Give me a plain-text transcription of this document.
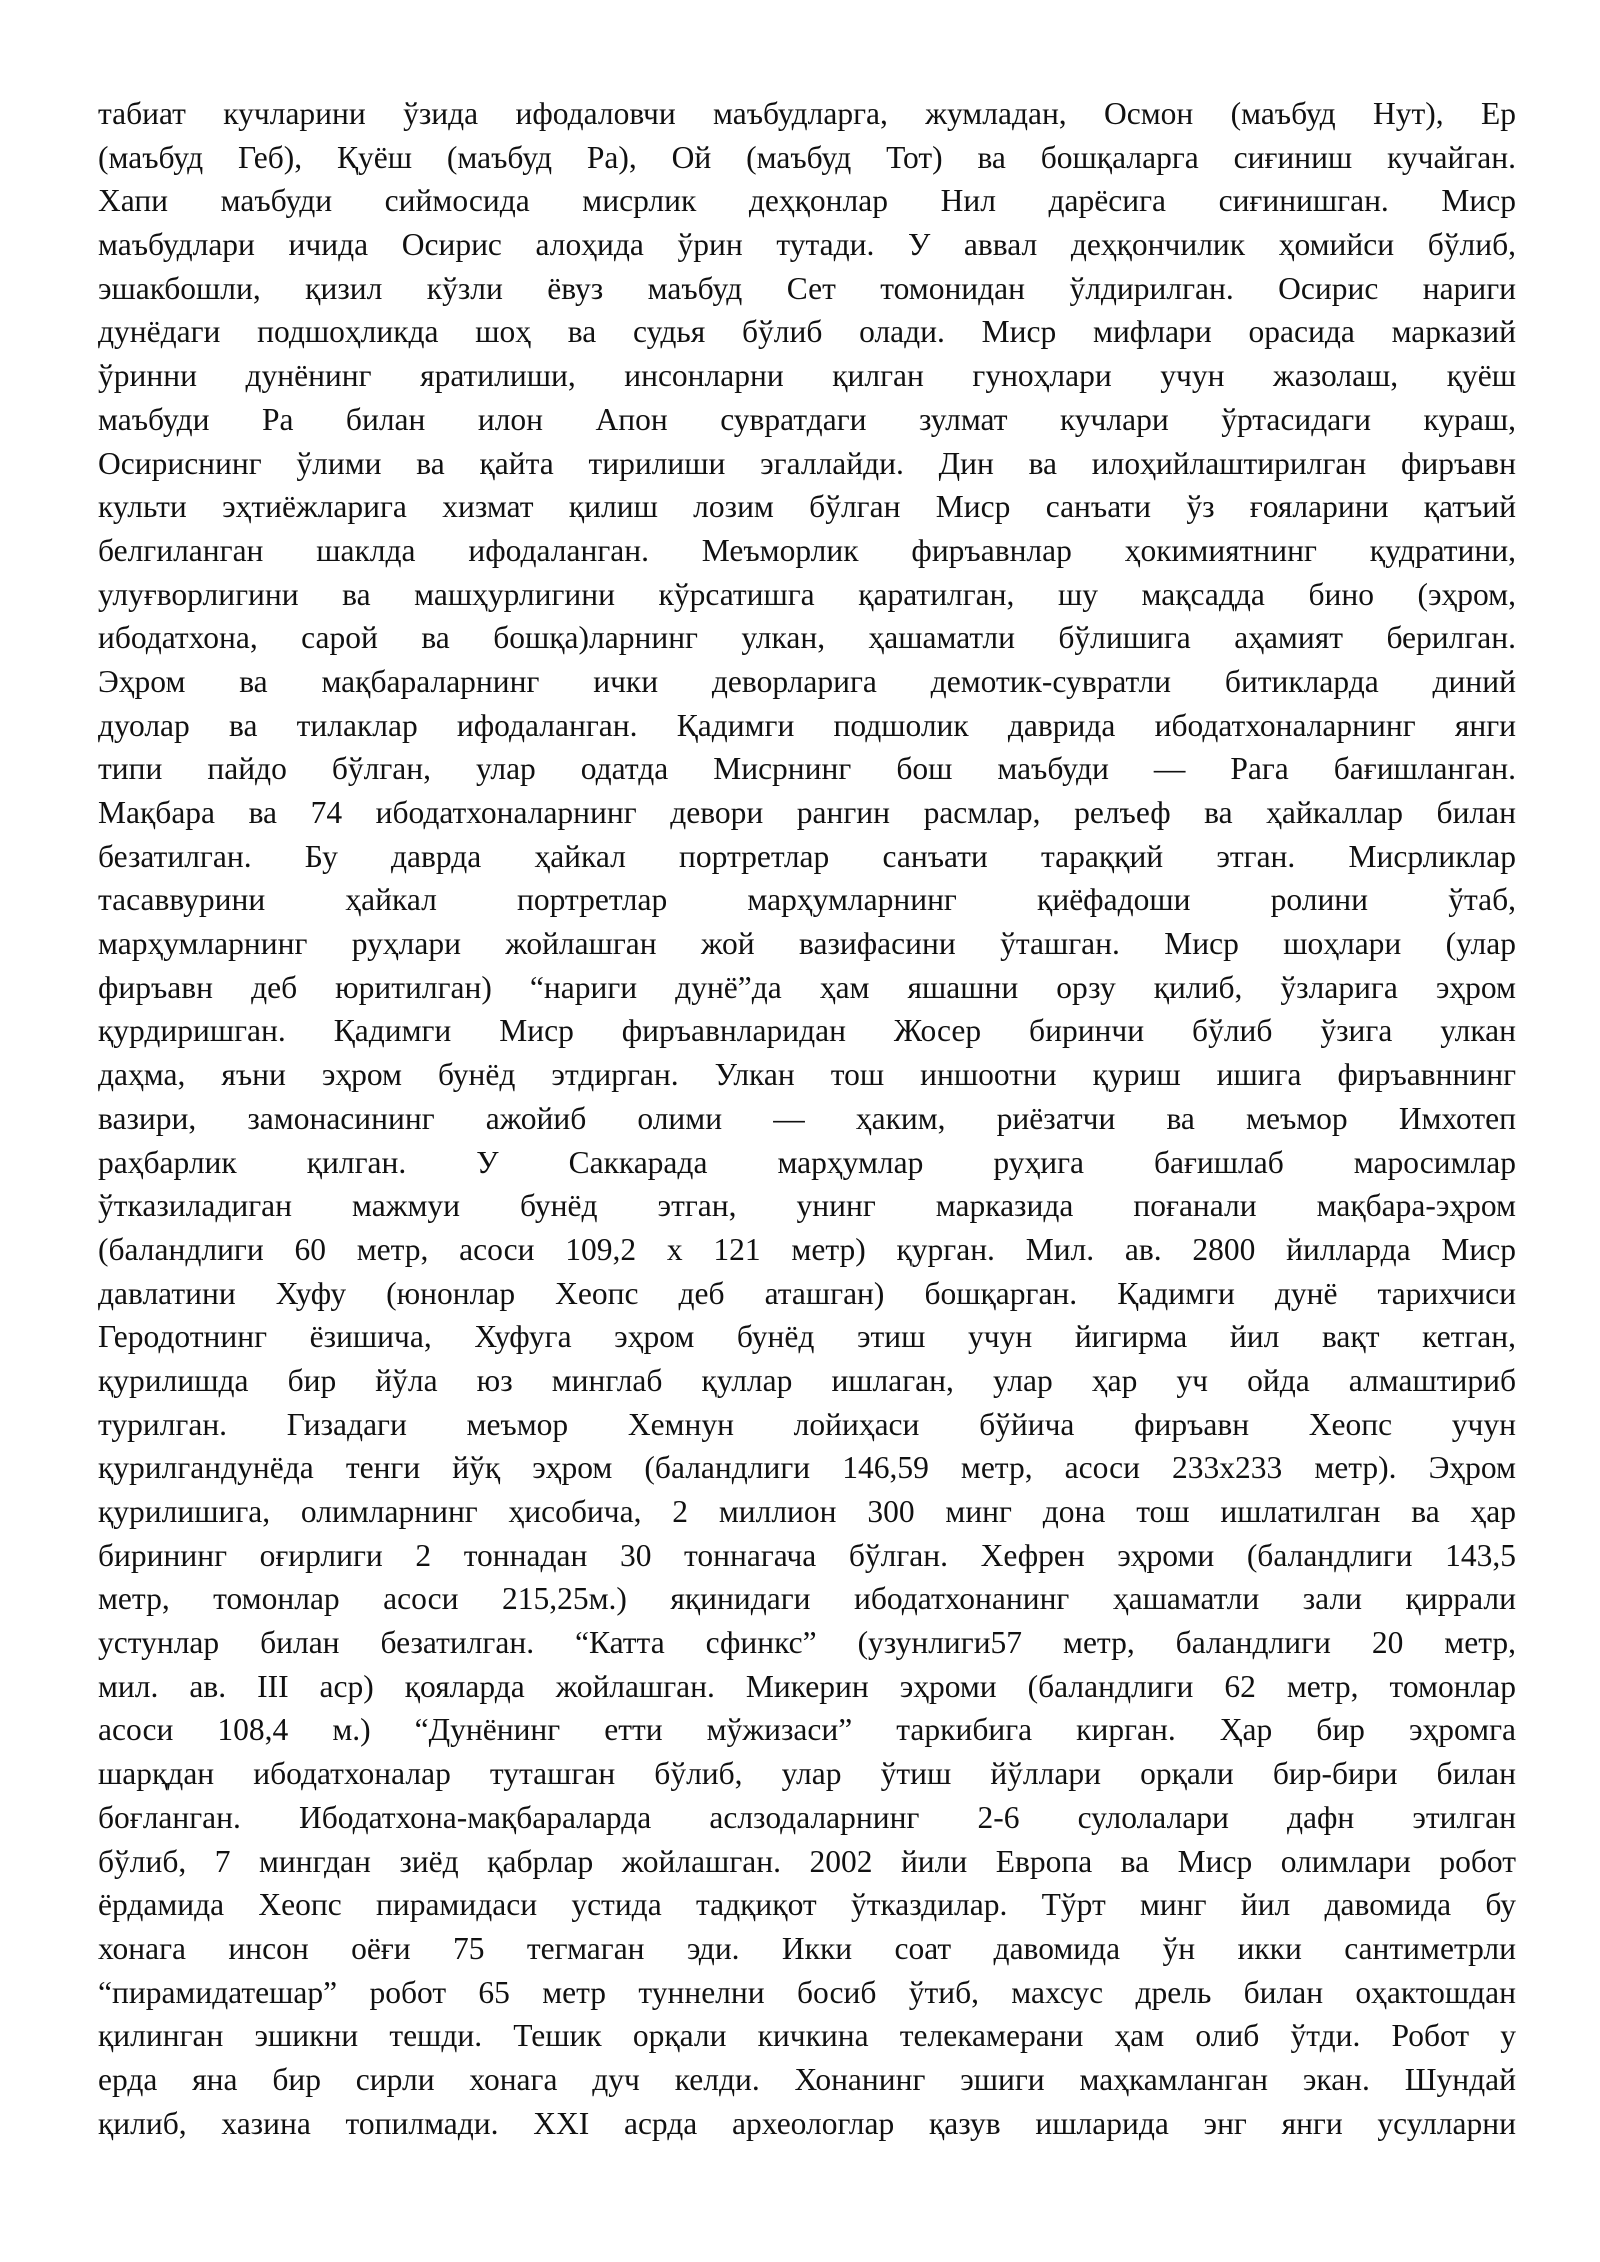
табиат кучларини ўзида ифодаловчи маъбудларга, жумладан, Осмон (маъбуд Нут), Ер
(маъбуд Геб), Қуёш (маъбуд Ра), Ой (маъбуд Тот) ва бошқаларга сиғиниш кучайган.
Хапи маъбуди сиймосида мисрлик деҳқонлар Нил дарёсига сиғинишган. Миср
маъбудлари ичида Осирис алоҳида ўрин тутади. У аввал деҳқончилик ҳомийси бўлиб,
эшакбошли, қизил кўзли ёвуз маъбуд Сет томонидан ўлдирилган. Осирис нариги
дунёдаги подшоҳликда шоҳ ва судья бўлиб олади. Миср мифлари орасида марказий
ўринни дунёнинг яратилиши, инсонларни қилган гуноҳлари учун жазолаш, қуёш
маъбуди Ра билан илон Апон сувратдаги зулмат кучлари ўртасидаги кураш,
Осириснинг ўлими ва қайта тирилиши эгаллайди. Дин ва илоҳийлаштирилган фиръавн
культи эҳтиёжларига хизмат қилиш лозим бўлган Миср санъати ўз ғояларини қатъий
белгиланган шаклда ифодаланган. Меъморлик фиръавнлар ҳокимиятнинг қудратини,
улуғворлигини ва машҳурлигини кўрсатишга қаратилган, шу мақсадда бино (эҳром,
ибодатхона, сарой ва бошқа)ларнинг улкан, ҳашаматли бўлишига аҳамият берилган.
Эҳром ва мақбараларнинг ички деворларига демотик-сувратли битикларда диний
дуолар ва тилаклар ифодаланган. Қадимги подшолик даврида ибодатхоналарнинг янги
типи пайдо бўлган, улар одатда Мисрнинг бош маъбуди — Рага бағишланган.
Мақбара ва 74 ибодатхоналарнинг девори рангин расмлар, релъеф ва ҳайкаллар билан
безатилган. Бу даврда ҳайкал портретлар санъати тараққий этган. Мисрликлар
тасаввурини ҳайкал портретлар марҳумларнинг қиёфадоши ролини ўтаб,
марҳумларнинг руҳлари жойлашган жой вазифасини ўташган. Миср шоҳлари (улар
фиръавн деб юритилган) “нариги дунё”да ҳам яшашни орзу қилиб, ўзларига эҳром
қурдиришган. Қадимги Миср фиръавнларидан Жосер биринчи бўлиб ўзига улкан
даҳма, яъни эҳром бунёд этдирган. Улкан тош иншоотни қуриш ишига фиръавннинг
вазири, замонасининг ажойиб олими — ҳаким, риёзатчи ва меъмор Имхотеп
раҳбарлик қилган. У Саккарада марҳумлар руҳига бағишлаб маросимлар
ўтказиладиган мажмуи бунёд этган, унинг марказида поғанали мақбара-эҳром
(баландлиги 60 метр, асоси 109,2 х 121 метр) қурган. Мил. ав. 2800 йилларда Миср
давлатини Хуфу (юнонлар Хеопс деб аташган) бошқарган. Қадимги дунё тарихчиси
Геродотнинг ёзишича, Хуфуга эҳром бунёд этиш учун йигирма йил вақт кетган,
қурилишда бир йўла юз минглаб қуллар ишлаган, улар ҳар уч ойда алмаштириб
турилган. Гизадаги меъмор Хемнун лойиҳаси бўйича фиръавн Хеопс учун
қурилгандунёда тенги йўқ эҳром (баландлиги 146,59 метр, асоси 233х233 метр). Эҳром
қурилишига, олимларнинг ҳисобича, 2 миллион 300 минг дона тош ишлатилган ва ҳар
бирининг оғирлиги 2 тоннадан 30 тоннагача бўлган. Хефрен эҳроми (баландлиги 143,5
метр, томонлар асоси 215,25м.) яқинидаги ибодатхонанинг ҳашаматли зали қиррали
устунлар билан безатилган. “Катта сфинкс” (узунлиги57 метр, баландлиги 20 метр,
мил. ав. III аср) қояларда жойлашган. Микерин эҳроми (баландлиги 62 метр, томонлар
асоси 108,4 м.) “Дунёнинг етти мўжизаси” таркибига кирган. Ҳар бир эҳромга
шарқдан ибодатхоналар туташган бўлиб, улар ўтиш йўллари орқали бир-бири билан
боғланган. Ибодатхона-мақбараларда аслзодаларнинг 2-6 сулолалари дафн этилган
бўлиб, 7 мингдан зиёд қабрлар жойлашган. 2002 йили Европа ва Миср олимлари робот
ёрдамида Хеопс пирамидаси устида тадқиқот ўтказдилар. Тўрт минг йил давомида бу
хонага инсон оёғи 75 тегмаган эди. Икки соат давомида ўн икки сантиметрли
“пирамидатешар” робот 65 метр туннелни босиб ўтиб, махсус дрель билан оҳактошдан
қилинган эшикни тешди. Тешик орқали кичкина телекамерани ҳам олиб ўтди. Робот у
ерда яна бир сирли хонага дуч келди. Хонанинг эшиги маҳкамланган экан. Шундай
қилиб, хазина топилмади. XXI асрда археологлар қазув ишларида энг янги усулларни
